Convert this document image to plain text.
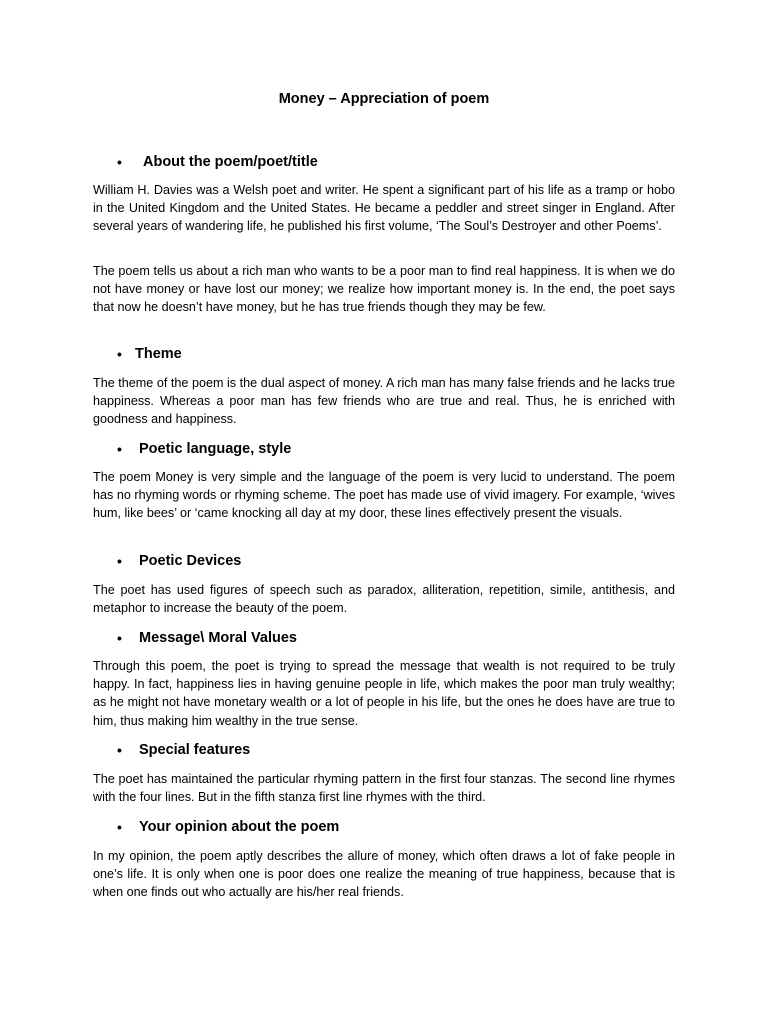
Money – Appreciation of poem
• About the poem/poet/title

William H. Davies was a Welsh poet and writer. He spent a significant part of his life as a tramp or hobo in the United Kingdom and the United States. He became a peddler and street singer in England. After several years of wandering life, he published his first volume, ‘The Soul’s Destroyer and other Poems’.

The poem tells us about a rich man who wants to be a poor man to find real happiness. It is when we do not have money or have lost our money; we realize how important money is. In the end, the poet says that now he doesn’t have money, but he has true friends though they may be few.

• Theme

The theme of the poem is the dual aspect of money. A rich man has many false friends and he lacks true happiness. Whereas a poor man has few friends who are true and real. Thus, he is enriched with goodness and happiness.

• Poetic language, style

The poem Money is very simple and the language of the poem is very lucid to understand. The poem has no rhyming words or rhyming scheme. The poet has made use of vivid imagery. For example, ‘wives hum, like bees’ or ‘came knocking all day at my door, these lines effectively present the visuals.

• Poetic Devices

The poet has used figures of speech such as paradox, alliteration, repetition, simile, antithesis, and metaphor to increase the beauty of the poem.

• Message\ Moral Values

Through this poem, the poet is trying to spread the message that wealth is not required to be truly happy. In fact, happiness lies in having genuine people in life, which makes the poor man truly wealthy; as he might not have monetary wealth or a lot of people in his life, but the ones he does have are true to him, thus making him wealthy in the true sense.

• Special features

The poet has maintained the particular rhyming pattern in the first four stanzas. The second line rhymes with the four lines. But in the fifth stanza first line rhymes with the third.

• Your opinion about the poem

In my opinion, the poem aptly describes the allure of money, which often draws a lot of fake people in one’s life. It is only when one is poor does one realize the meaning of true happiness, because that is when one finds out who actually are his/her real friends.
